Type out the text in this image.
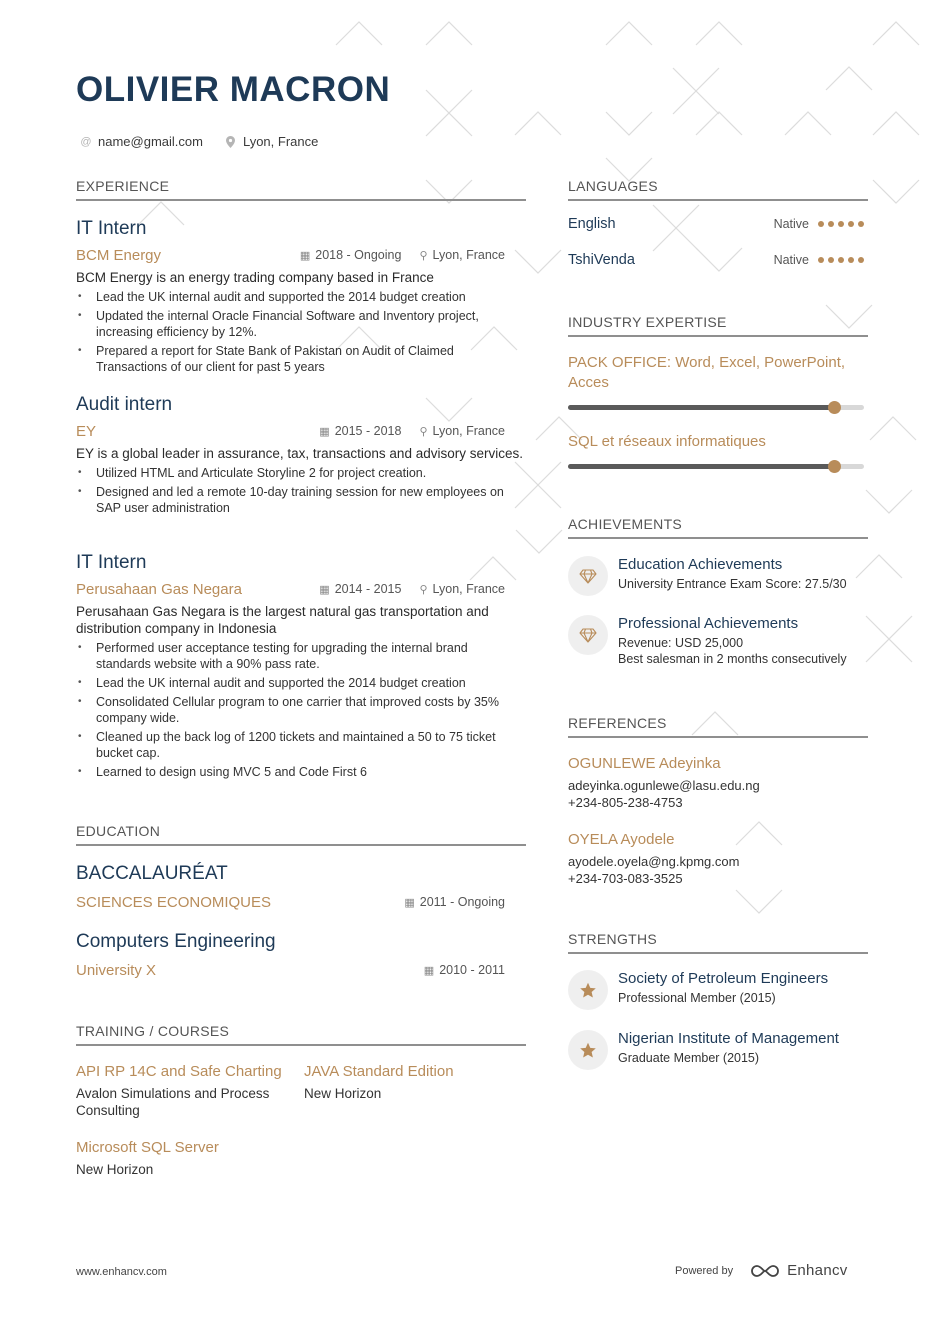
OLIVIER MACRON
@ name@gmail.com	Lyon, France
EXPERIENCE
IT Intern
BCM Energy	▦ 2018 - Ongoing ⚲ Lyon, France
BCM Energy is an energy trading company based in France
• Lead the UK internal audit and supported the 2014 budget creation
• Updated the internal Oracle Financial Software and Inventory project, increasing efficiency by 12%.
• Prepared a report for State Bank of Pakistan on Audit of Claimed Transactions of our client for past 5 years
Audit intern
EY	▦ 2015 - 2018 ⚲ Lyon, France
EY is a global leader in assurance, tax, transactions and advisory services.
• Utilized HTML and Articulate Storyline 2 for project creation.
• Designed and led a remote 10-day training session for new employees on SAP user administration
IT Intern
Perusahaan Gas Negara	▦ 2014 - 2015 ⚲ Lyon, France
Perusahaan Gas Negara is the largest natural gas transportation and distribution company in Indonesia
• Performed user acceptance testing for upgrading the internal brand standards website with a 90% pass rate.
• Lead the UK internal audit and supported the 2014 budget creation
• Consolidated Cellular program to one carrier that improved costs by 35% company wide.
• Cleaned up the back log of 1200 tickets and maintained a 50 to 75 ticket bucket cap.
• Learned to design using MVC 5 and Code First 6
EDUCATION
BACCALAURÉAT
SCIENCES ECONOMIQUES	▦ 2011 - Ongoing
Computers Engineering
University X	▦ 2010 - 2011
TRAINING / COURSES
API RP 14C and Safe Charting
Avalon Simulations and Process Consulting
JAVA Standard Edition
New Horizon
Microsoft SQL Server
New Horizon
LANGUAGES
English	Native
TshiVenda	Native
INDUSTRY EXPERTISE
PACK OFFICE: Word, Excel, PowerPoint, Acces
SQL et réseaux informatiques
ACHIEVEMENTS
Education Achievements
University Entrance Exam Score: 27.5/30
Professional Achievements
Revenue: USD 25,000
Best salesman in 2 months consecutively
REFERENCES
OGUNLEWE Adeyinka
adeyinka.ogunlewe@lasu.edu.ng
+234-805-238-4753
OYELA Ayodele
ayodele.oyela@ng.kpmg.com
+234-703-083-3525
STRENGTHS
Society of Petroleum Engineers
Professional Member (2015)
Nigerian Institute of Management
Graduate Member (2015)
www.enhancv.com	Powered by	Enhancv
